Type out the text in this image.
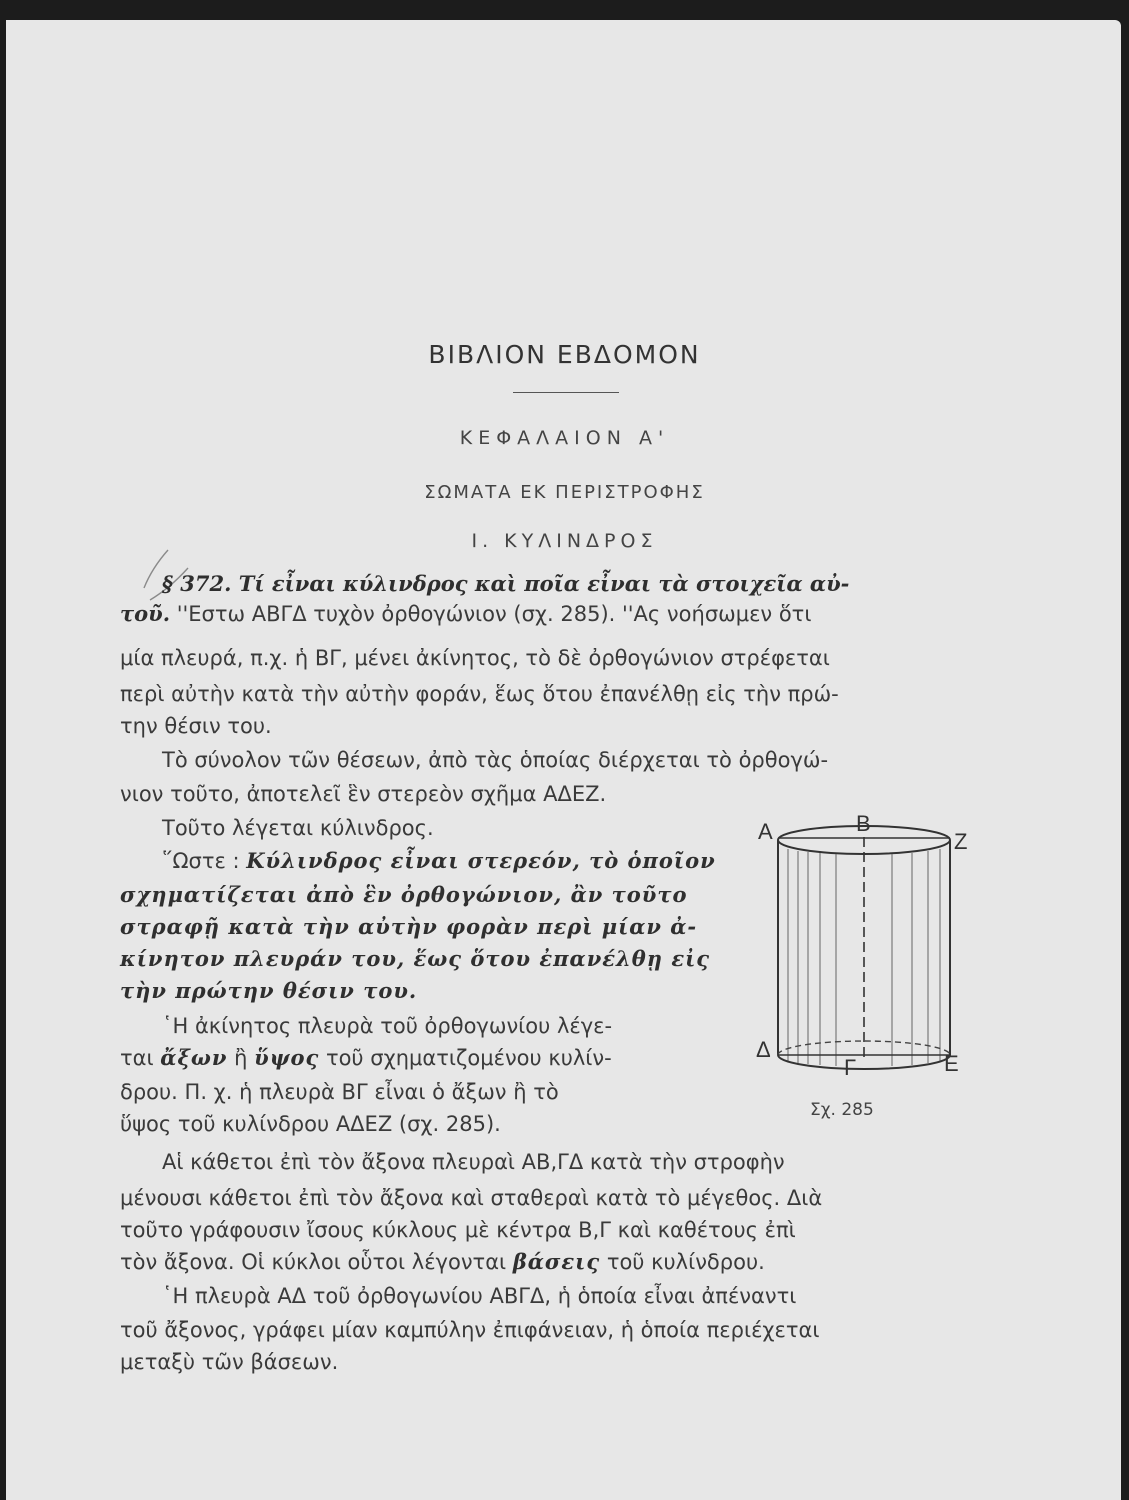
ΒΙΒΛΙΟΝ ΕΒΔΟΜΟΝ
ΚΕΦΑΛΑΙΟΝ Α'
ΣΩΜΑΤΑ ΕΚ ΠΕΡΙΣΤΡΟΦΗΣ
Ι. ΚΥΛΙΝΔΡΟΣ
§ 372. Τί εἶναι κύλινδρος καὶ ποῖα εἶναι τὰ στοιχεῖα αὐ-
τοῦ. ''Εστω ΑΒΓΔ τυχὸν ὀρθογώνιον (σχ. 285). ''Ας νοήσωμεν ὅτι
μία πλευρά, π.χ. ἡ ΒΓ, μένει ἀκίνητος, τὸ δὲ ὀρθογώνιον στρέφεται
περὶ αὐτὴν κατὰ τὴν αὐτὴν φοράν, ἕως ὅτου ἐπανέλθῃ εἰς τὴν πρώ-
την θέσιν του.
Τὸ σύνολον τῶν θέσεων, ἀπὸ τὰς ὁποίας διέρχεται τὸ ὀρθογώ-
νιον τοῦτο, ἀποτελεῖ ἓν στερεὸν σχῆμα ΑΔΕΖ.
Τοῦτο λέγεται κύλινδρος.
῞Ωστε : Κύλινδρος εἶναι στερεόν, τὸ ὁποῖον
σχηματίζεται ἀπὸ ἓν ὀρθογώνιον, ἂν τοῦτο
στραφῇ κατὰ τὴν αὐτὴν φορὰν περὶ μίαν ἀ-
κίνητον πλευράν του, ἕως ὅτου ἐπανέλθῃ εἰς
τὴν πρώτην θέσιν του.
῾Η ἀκίνητος πλευρὰ τοῦ ὀρθογωνίου λέγε-
ται ἄξων ἢ ὕψος τοῦ σχηματιζομένου κυλίν-
δρου. Π. χ. ἡ πλευρὰ ΒΓ εἶναι ὁ ἄξων ἢ τὸ
ὕψος τοῦ κυλίνδρου ΑΔΕΖ (σχ. 285).
Αἱ κάθετοι ἐπὶ τὸν ἄξονα πλευραὶ ΑΒ,ΓΔ κατὰ τὴν στροφὴν
μένουσι κάθετοι ἐπὶ τὸν ἄξονα καὶ σταθεραὶ κατὰ τὸ μέγεθος. Διὰ
τοῦτο γράφουσιν ἴσους κύκλους μὲ κέντρα Β,Γ καὶ καθέτους ἐπὶ
τὸν ἄξονα. Οἱ κύκλοι οὗτοι λέγονται βάσεις τοῦ κυλίνδρου.
῾Η πλευρὰ ΑΔ τοῦ ὀρθογωνίου ΑΒΓΔ, ἡ ὁποία εἶναι ἀπέναντι
τοῦ ἄξονος, γράφει μίαν καμπύλην ἐπιφάνειαν, ἡ ὁποία περιέχεται
μεταξὺ τῶν βάσεων.
Α	Β
Ζ
Δ
Γ	Ε
Σχ. 285
